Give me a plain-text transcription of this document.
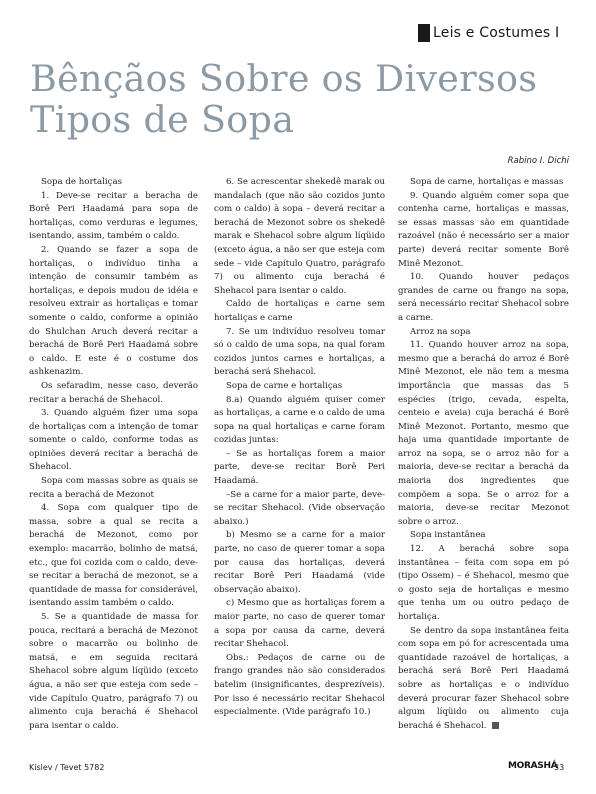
Leis e Costumes I
Bênçãos Sobre os Diversos Tipos de Sopa
Rabino I. Dichi

Sopa de hortaliças

1. Deve-se recitar a beracha de Borê Peri Haadamá para sopa de hortaliças, como verduras e legumes, isentando, assim, também o caldo.

2. Quando se fazer a sopa de hortaliças, o indivíduo tinha a intenção de consumir também as hortaliças, e depois mudou de idéia e resolveu extrair as hortaliças e tomar somente o caldo, conforme a opinião do Shulchan Aruch deverá recitar a berachá de Borê Peri Haadamá sobre o caldo. E este é o costume dos ashkenazim.

Os sefaradim, nesse caso, deverão recitar a berachá de Shehacol.

3. Quando alguém fizer uma sopa de hortaliças com a intenção de tomar somente o caldo, conforme todas as opiniões deverá recitar a berachá de Shehacol.

Sopa com massas sobre as quais se recita a berachá de Mezonot

4. Sopa com qualquer tipo de massa, sobre a qual se recita a berachá de Mezonot, como por exemplo: macarrão, bolinho de matsá, etc., que foi cozida com o caldo, deve-se recitar a berachá de mezonot, se a quantidade de massa for considerável, isentando assim também o caldo.

5. Se a quantidade de massa for pouca, recitará a berachá de Mezonot sobre o macarrão ou bolinho de matsá, e em seguida recitará Shehacol sobre algum líqüido (exceto água, a não ser que esteja com sede – vide Capítulo Quatro, parágrafo 7) ou alimento cuja berachá é Shehacol para isentar o caldo.

6. Se acrescentar shekedê marak ou mandalach (que não são cozidos junto com o caldo) à sopa – deverá recitar a berachá de Mezonot sobre os shekedê marak e Shehacol sobre algum líqüido (exceto água, a não ser que esteja com sede – vide Capítulo Quatro, parágrafo 7) ou alimento cuja berachá é Shehacol para isentar o caldo.

Caldo de hortaliças e carne sem hortaliças e carne

7. Se um indivíduo resolveu tomar só o caldo de uma sopa, na qual foram cozidos juntos carnes e hortaliças, a berachá será Shehacol.

Sopa de carne e hortaliças

8.a) Quando alguém quiser comer as hortaliças, a carne e o caldo de uma sopa na qual hortaliças e carne foram cozidas juntas:

– Se as hortaliças forem a maior parte, deve-se recitar Borê Peri Haadamá.

–Se a carne for a maior parte, deve-se recitar Shehacol. (Vide observação abaixo.)

b) Mesmo se a carne for a maior parte, no caso de querer tomar a sopa por causa das hortaliças, deverá recitar Borê Peri Haadamá (vide observação abaixo).

c) Mesmo que as hortaliças forem a maior parte, no caso de querer tomar a sopa por causa da carne, deverá recitar Shehacol.

Obs.: Pedaços de carne ou de frango grandes não são considerados batelim (insignificantes, desprezíveis). Por isso é necessário recitar Shehacol especialmente. (Vide parágrafo 10.)

Sopa de carne, hortaliças e massas

9. Quando alguém comer sopa que contenha carne, hortaliças e massas, se essas massas são em quantidade razoável (não é necessário ser a maior parte) deverá recitar somente Borê Minê Mezonot.

10. Quando houver pedaços grandes de carne ou frango na sopa, será necessário recitar Shehacol sobre a carne.

Arroz na sopa

11. Quando houver arroz na sopa, mesmo que a berachá do arroz é Borê Minê Mezonot, ele não tem a mesma importância que massas das 5 espécies (trigo, cevada, espelta, centeio e aveia) cuja berachá é Borê Minê Mezonot. Portanto, mesmo que haja uma quantidade importante de arroz na sopa, se o arroz não for a maioria, deve-se recitar a berachá da maioria dos ingredientes que compõem a sopa. Se o arroz for a maioria, deve-se recitar Mezonot sobre o arroz.

Sopa instantânea

12. A berachá sobre sopa instantânea – feita com sopa em pó (tipo Ossem) – é Shehacol, mesmo que o gosto seja de hortaliças e mesmo que tenha um ou outro pedaço de hortaliça.

Se dentro da sopa instantânea feita com sopa em pó for acrescentada uma quantidade razoável de hortaliças, a berachá será Borê Peri Haadamá sobre as hortaliças e o indivíduo deverá procurar fazer Shehacol sobre algum líqüido ou alimento cuja berachá é Shehacol.

Kislev / Tevet 5782	MORASHÁ
33
